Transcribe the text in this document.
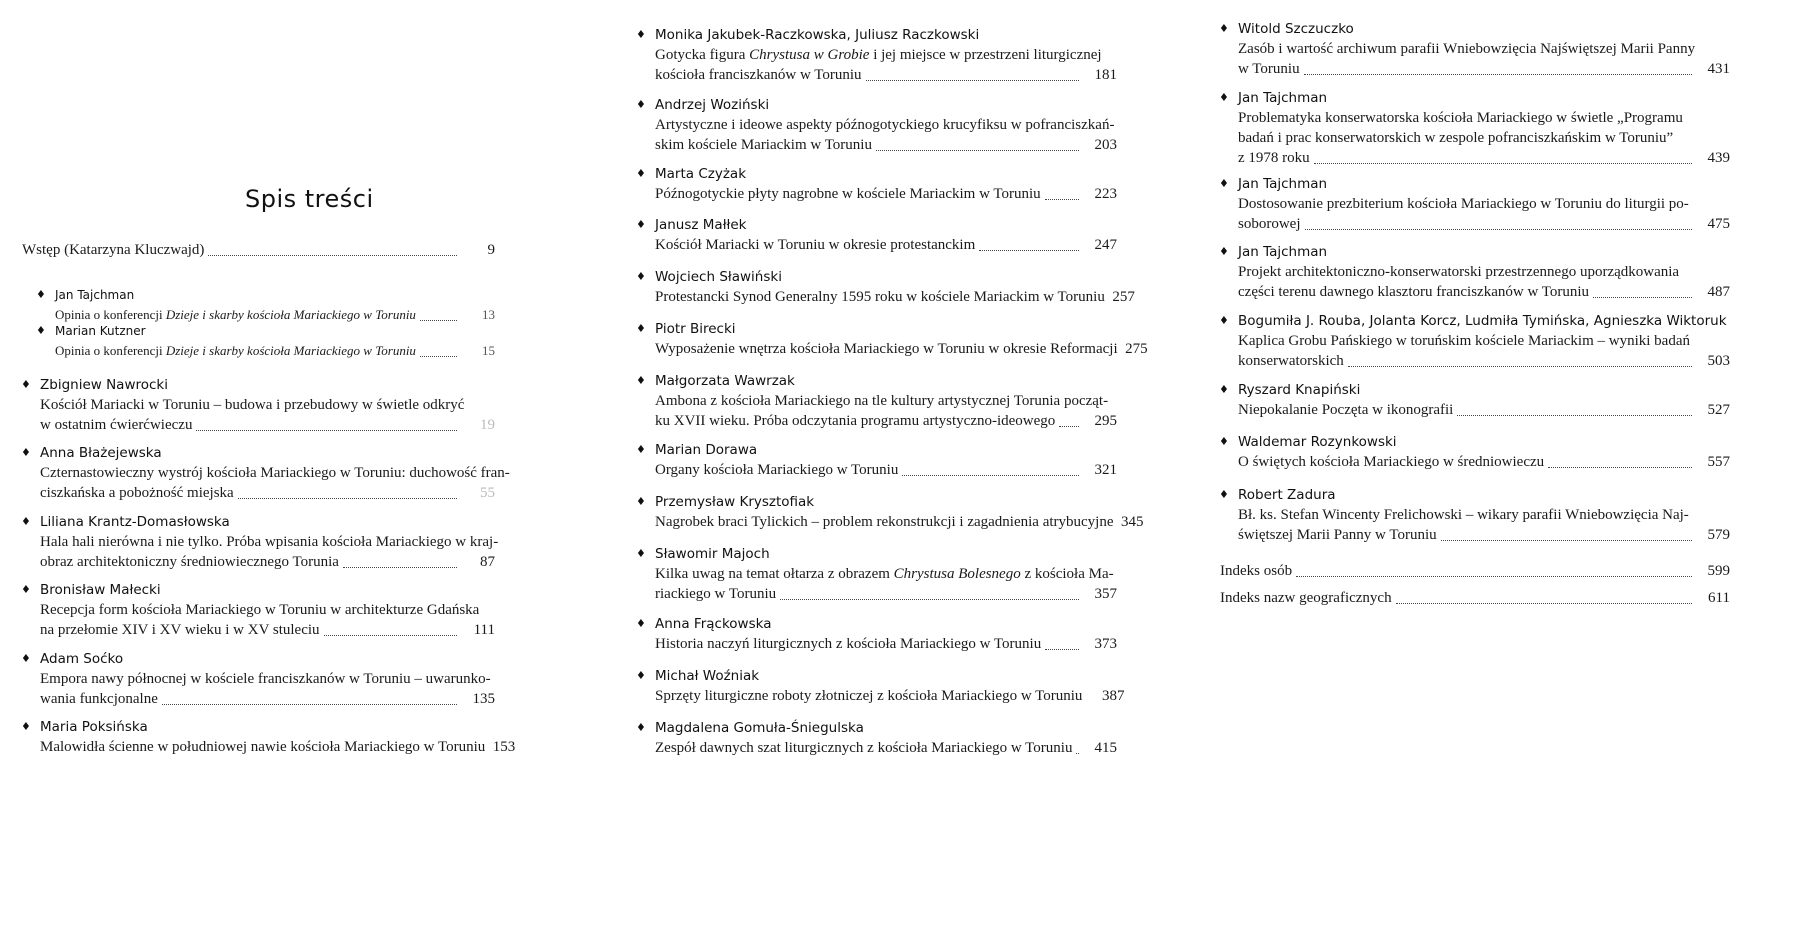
Spis treści
Wstęp (Katarzyna Kluczwajd)	9
♦ Jan Tajchman
Opinia o konferencji Dzieje i skarby kościoła Mariackiego w Toruniu	13
♦ Marian Kutzner
Opinia o konferencji Dzieje i skarby kościoła Mariackiego w Toruniu	15
♦ Zbigniew Nawrocki
Kościół Mariacki w Toruniu – budowa i przebudowy w świetle odkryć
w ostatnim ćwierćwieczu	19
♦ Anna Błażejewska
Czternastowieczny wystrój kościoła Mariackiego w Toruniu: duchowość fran-
ciszkańska a pobożność miejska	55
♦ Liliana Krantz-Domasłowska
Hala hali nierówna i nie tylko. Próba wpisania kościoła Mariackiego w kraj-
obraz architektoniczny średniowiecznego Torunia	87
♦ Bronisław Małecki
Recepcja form kościoła Mariackiego w Toruniu w architekturze Gdańska
na przełomie XIV i XV wieku i w XV stuleciu	111
♦ Adam Soćko
Empora nawy północnej w kościele franciszkanów w Toruniu – uwarunko-
wania funkcjonalne	135
♦ Maria Poksińska
Malowidła ścienne w południowej nawie kościoła Mariackiego w Toruniu 153
♦ Monika Jakubek-Raczkowska, Juliusz Raczkowski
Gotycka figura Chrystusa w Grobie i jej miejsce w przestrzeni liturgicznej
kościoła franciszkanów w Toruniu	181
♦ Andrzej Woziński
Artystyczne i ideowe aspekty późnogotyckiego krucyfiksu w pofranciszkań-
skim kościele Mariackim w Toruniu	203
♦ Marta Czyżak
Późnogotyckie płyty nagrobne w kościele Mariackim w Toruniu	223
♦ Janusz Małłek
Kościół Mariacki w Toruniu w okresie protestanckim	247
♦ Wojciech Sławiński
Protestancki Synod Generalny 1595 roku w kościele Mariackim w Toruniu 257
♦ Piotr Birecki
Wyposażenie wnętrza kościoła Mariackiego w Toruniu w okresie Reformacji 275
♦ Małgorzata Wawrzak
Ambona z kościoła Mariackiego na tle kultury artystycznej Torunia począt-
ku XVII wieku. Próba odczytania programu artystyczno-ideowego	295
♦ Marian Dorawa
Organy kościoła Mariackiego w Toruniu	321
♦ Przemysław Krysztofiak
Nagrobek braci Tylickich – problem rekonstrukcji i zagadnienia atrybucyjne 345
♦ Sławomir Majoch
Kilka uwag na temat ołtarza z obrazem Chrystusa Bolesnego z kościoła Ma-
riackiego w Toruniu	357
♦ Anna Frąckowska
Historia naczyń liturgicznych z kościoła Mariackiego w Toruniu	373
♦ Michał Woźniak
Sprzęty liturgiczne roboty złotniczej z kościoła Mariackiego w Toruniu	387
♦ Magdalena Gomuła-Śniegulska
Zespół dawnych szat liturgicznych z kościoła Mariackiego w Toruniu	415
♦ Witold Szczuczko
Zasób i wartość archiwum parafii Wniebowzięcia Najświętszej Marii Panny
w Toruniu	431
♦ Jan Tajchman
Problematyka konserwatorska kościoła Mariackiego w świetle „Programu
badań i prac konserwatorskich w zespole pofranciszkańskim w Toruniu”
z 1978 roku	439
♦ Jan Tajchman
Dostosowanie prezbiterium kościoła Mariackiego w Toruniu do liturgii po-
soborowej	475
♦ Jan Tajchman
Projekt architektoniczno-konserwatorski przestrzennego uporządkowania
części terenu dawnego klasztoru franciszkanów w Toruniu	487
♦ Bogumiła J. Rouba, Jolanta Korcz, Ludmiła Tymińska, Agnieszka Wiktoruk
Kaplica Grobu Pańskiego w toruńskim kościele Mariackim – wyniki badań
konserwatorskich	503
♦ Ryszard Knapiński
Niepokalanie Poczęta w ikonografii	527
♦ Waldemar Rozynkowski
O świętych kościoła Mariackiego w średniowieczu	557
♦ Robert Zadura
Bł. ks. Stefan Wincenty Frelichowski – wikary parafii Wniebowzięcia Naj-
świętszej Marii Panny w Toruniu	579
Indeks osób	599
Indeks nazw geograficznych	611
